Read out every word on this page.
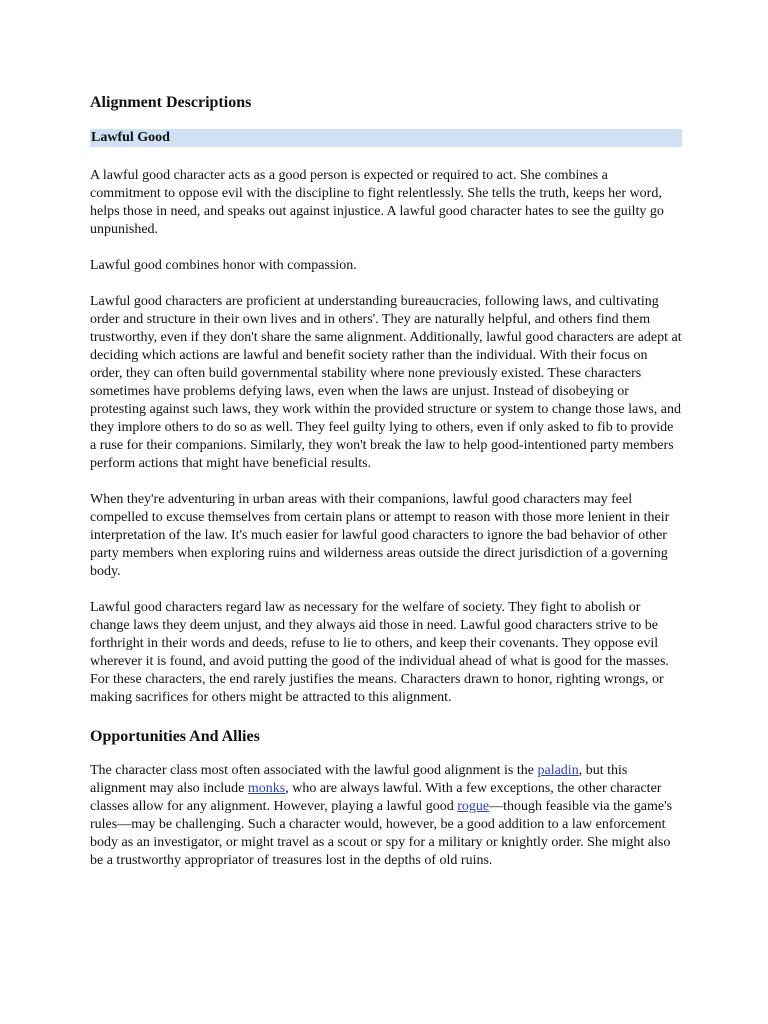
Alignment Descriptions
Lawful Good

A lawful good character acts as a good person is expected or required to act. She combines a commitment to oppose evil with the discipline to fight relentlessly. She tells the truth, keeps her word, helps those in need, and speaks out against injustice. A lawful good character hates to see the guilty go unpunished.

Lawful good combines honor with compassion.

Lawful good characters are proficient at understanding bureaucracies, following laws, and cultivating order and structure in their own lives and in others'. They are naturally helpful, and others find them trustworthy, even if they don't share the same alignment. Additionally, lawful good characters are adept at deciding which actions are lawful and benefit society rather than the individual. With their focus on order, they can often build governmental stability where none previously existed. These characters sometimes have problems defying laws, even when the laws are unjust. Instead of disobeying or protesting against such laws, they work within the provided structure or system to change those laws, and they implore others to do so as well. They feel guilty lying to others, even if only asked to fib to provide a ruse for their companions. Similarly, they won't break the law to help good-intentioned party members perform actions that might have beneficial results.

When they're adventuring in urban areas with their companions, lawful good characters may feel compelled to excuse themselves from certain plans or attempt to reason with those more lenient in their interpretation of the law. It's much easier for lawful good characters to ignore the bad behavior of other party members when exploring ruins and wilderness areas outside the direct jurisdiction of a governing body.

Lawful good characters regard law as necessary for the welfare of society. They fight to abolish or change laws they deem unjust, and they always aid those in need. Lawful good characters strive to be forthright in their words and deeds, refuse to lie to others, and keep their covenants. They oppose evil wherever it is found, and avoid putting the good of the individual ahead of what is good for the masses. For these characters, the end rarely justifies the means. Characters drawn to honor, righting wrongs, or making sacrifices for others might be attracted to this alignment.

Opportunities And Allies

The character class most often associated with the lawful good alignment is the paladin, but this alignment may also include monks, who are always lawful. With a few exceptions, the other character classes allow for any alignment. However, playing a lawful good rogue—though feasible via the game's rules—may be challenging. Such a character would, however, be a good addition to a law enforcement body as an investigator, or might travel as a scout or spy for a military or knightly order. She might also be a trustworthy appropriator of treasures lost in the depths of old ruins.
